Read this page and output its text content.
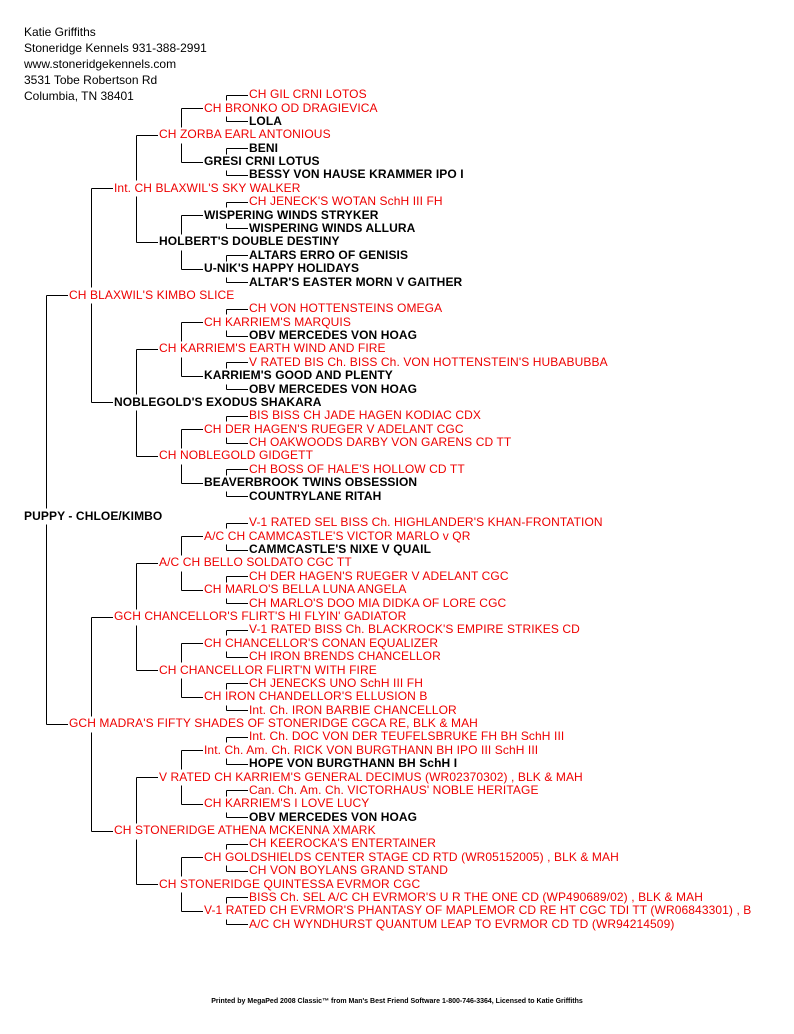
Katie Griffiths
Stoneridge Kennels 931-388-2991
www.stoneridgekennels.com
3531 Tobe Robertson Rd
Columbia, TN 38401
PUPPY - CHLOE/KIMBO
CH BLAXWIL'S KIMBO SLICE
Int. CH BLAXWIL'S SKY WALKER
CH ZORBA EARL ANTONIOUS
CH BRONKO OD DRAGIEVICA
CH GIL CRNI LOTOS
LOLA
GRESI CRNI LOTUS
BENI
BESSY VON HAUSE KRAMMER IPO I
HOLBERT'S DOUBLE DESTINY
WISPERING WINDS STRYKER
CH JENECK'S WOTAN SchH III FH
WISPERING WINDS ALLURA
U-NIK'S HAPPY HOLIDAYS
ALTARS ERRO OF GENISIS
ALTAR'S EASTER MORN V GAITHER
NOBLEGOLD'S EXODUS SHAKARA
CH KARRIEM'S EARTH WIND AND FIRE
CH KARRIEM'S MARQUIS
CH VON HOTTENSTEINS OMEGA
OBV MERCEDES VON HOAG
KARRIEM'S GOOD AND PLENTY
V RATED BIS Ch. BISS Ch. VON HOTTENSTEIN'S HUBABUBBA
OBV MERCEDES VON HOAG
CH NOBLEGOLD GIDGETT
CH DER HAGEN'S RUEGER V ADELANT CGC
BIS BISS CH JADE HAGEN KODIAC CDX
CH OAKWOODS DARBY VON GARENS CD TT
BEAVERBROOK TWINS OBSESSION
CH BOSS OF HALE'S HOLLOW CD TT
COUNTRYLANE RITAH
GCH MADRA'S FIFTY SHADES OF STONERIDGE CGCA RE, BLK & MAH
GCH CHANCELLOR'S FLIRT'S HI FLYIN' GADIATOR
A/C CH BELLO SOLDATO CGC TT
A/C CH CAMMCASTLE'S VICTOR MARLO v QR
V-1 RATED SEL BISS Ch. HIGHLANDER'S KHAN-FRONTATION
CAMMCASTLE'S NIXE V QUAIL
CH MARLO'S BELLA LUNA ANGELA
CH DER HAGEN'S RUEGER V ADELANT CGC
CH MARLO'S DOO MIA DIDKA OF LORE CGC
CH CHANCELLOR FLIRT'N WITH FIRE
CH CHANCELLOR'S CONAN EQUALIZER
V-1 RATED BISS Ch. BLACKROCK'S EMPIRE STRIKES CD
CH IRON BRENDS CHANCELLOR
CH IRON CHANDELLOR'S ELLUSION B
CH JENECKS UNO SchH III FH
Int. Ch. IRON BARBIE CHANCELLOR
CH STONERIDGE ATHENA MCKENNA XMARK
V RATED CH KARRIEM'S GENERAL DECIMUS (WR02370302) , BLK & MAH
Int. Ch. Am. Ch. RICK VON BURGTHANN BH IPO III SchH III
Int. Ch. DOC VON DER TEUFELSBRUKE FH BH SchH III
HOPE VON BURGTHANN BH SchH I
CH KARRIEM'S I LOVE LUCY
Can. Ch. Am. Ch. VICTORHAUS' NOBLE HERITAGE
OBV MERCEDES VON HOAG
CH STONERIDGE QUINTESSA EVRMOR CGC
CH GOLDSHIELDS CENTER STAGE CD RTD (WR05152005) , BLK & MAH
CH KEEROCKA'S ENTERTAINER
CH VON BOYLANS GRAND STAND
V-1 RATED CH EVRMOR'S PHANTASY OF MAPLEMOR CD RE HT CGC TDI TT (WR06843301) , B
BISS Ch. SEL A/C CH EVRMOR'S U R THE ONE CD (WP490689/02) , BLK & MAH
A/C CH WYNDHURST QUANTUM LEAP TO EVRMOR CD TD (WR94214509)
Printed by MegaPed 2008 Classic™ from Man's Best Friend Software 1-800-746-3364, Licensed to Katie Griffiths
